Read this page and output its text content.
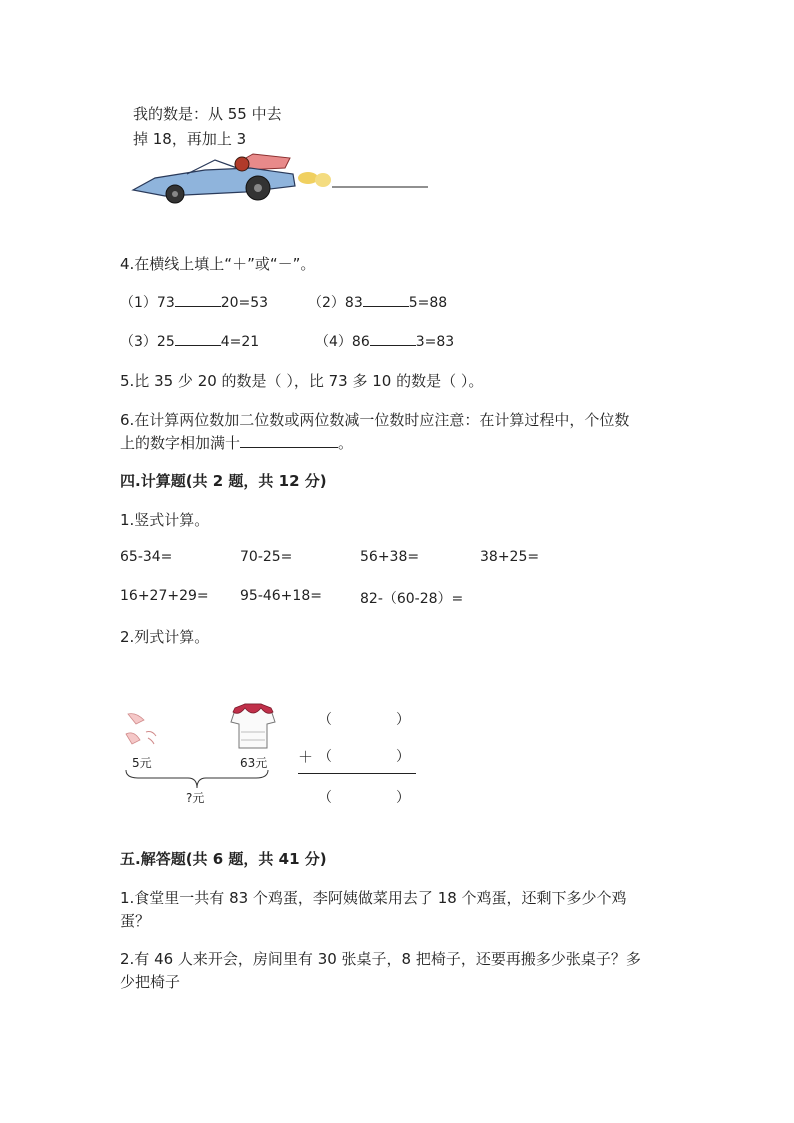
我的数是：从 55 中去
掉 18，再加上 3
4.在横线上填上“＋”或“－”。
（1）73	20=53	（2）83	5=88
（3）25	4=21	（4）86	3=83
5.比 35 少 20 的数是（ ），比 73 多 10 的数是（ ）。
6.在计算两位数加二位数或两位数减一位数时应注意：在计算过程中，个位数
上的数字相加满十	。
四.计算题(共 2 题，共 12 分)
1.竖式计算。
65-34=	70-25=	56+38=	38+25=
16+27+29= 95-46+18=	82-（60-28）=
2.列式计算。
5元	63元
?元
（	）
＋ （	）
（	）
五.解答题(共 6 题，共 41 分)
1.食堂里一共有 83 个鸡蛋，李阿姨做菜用去了 18 个鸡蛋，还剩下多少个鸡
蛋？
2.有 46 人来开会，房间里有 30 张桌子，8 把椅子，还要再搬多少张桌子？多
少把椅子
